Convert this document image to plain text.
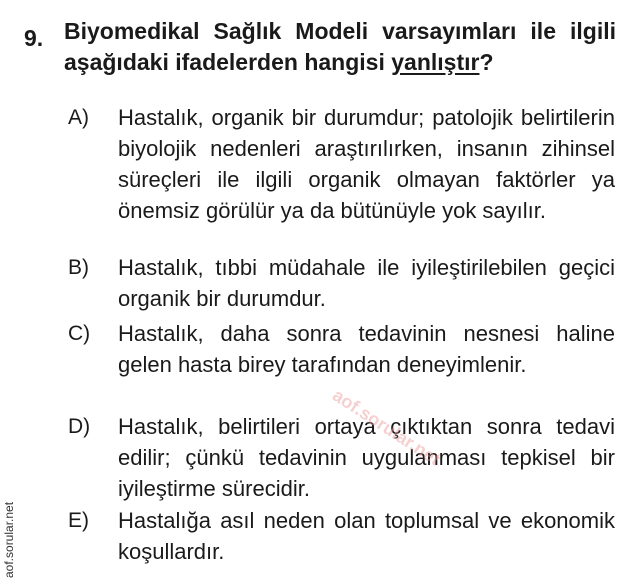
9. Biyomedikal Sağlık Modeli varsayımları ile ilgili aşağıdaki ifadelerden hangisi yanlıştır?
A) Hastalık, organik bir durumdur; patolojik belirtilerin biyolojik nedenleri araştırılırken, insanın zihinsel süreçleri ile ilgili organik olmayan faktörler ya önemsiz görülür ya da bütünüyle yok sayılır.
B) Hastalık, tıbbi müdahale ile iyileştirilebilen geçici organik bir durumdur.
C) Hastalık, daha sonra tedavinin nesnesi haline gelen hasta birey tarafından deneyimlenir.
D) Hastalık, belirtileri ortaya çıktıktan sonra tedavi edilir; çünkü tedavinin uygulanması tepkisel bir iyileştirme sürecidir.
E) Hastalığa asıl neden olan toplumsal ve ekonomik koşullardır.
aof.sorular.net
aof.sorular.net
